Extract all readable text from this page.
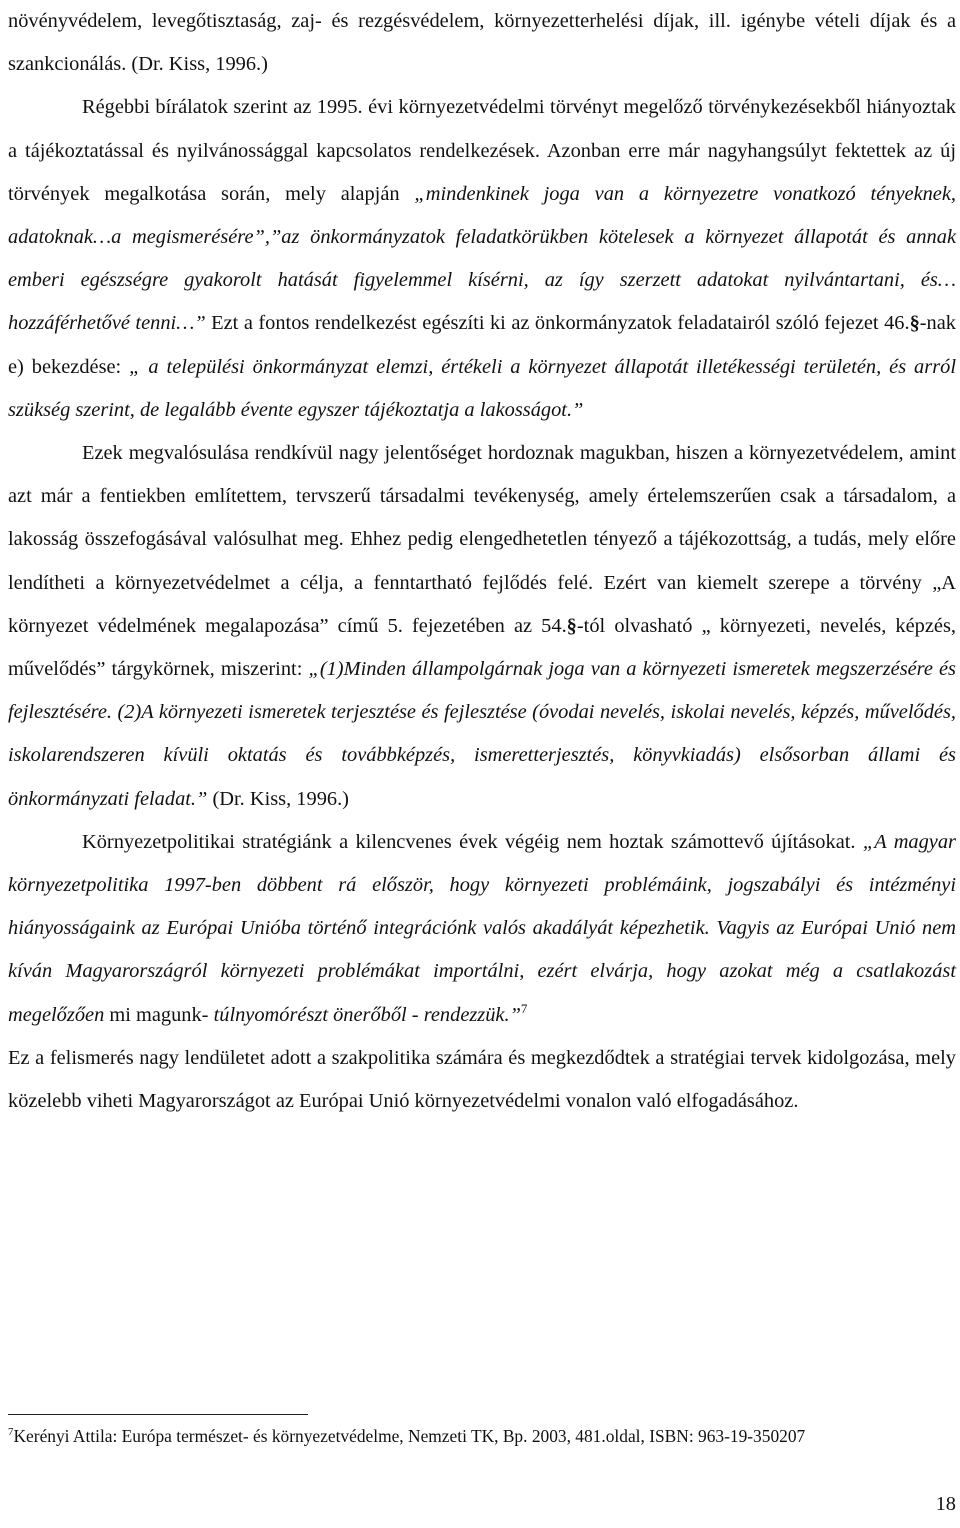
növényvédelem, levegőtisztaság, zaj- és rezgésvédelem, környezetterhelési díjak, ill. igénybe vételi díjak és a szankcionálás. (Dr. Kiss, 1996.)

Régebbi bírálatok szerint az 1995. évi környezetvédelmi törvényt megelőző törvénykezésekből hiányoztak a tájékoztatással és nyilvánossággal kapcsolatos rendelkezések. Azonban erre már nagyhangsúlyt fektettek az új törvények megalkotása során, mely alapján „mindenkinek joga van a környezetre vonatkozó tényeknek, adatoknak…a megismerésére”,”az önkormányzatok feladatkörükben kötelesek a környezet állapotát és annak emberi egészségre gyakorolt hatását figyelemmel kísérni, az így szerzett adatokat nyilvántartani, és…hozzáférhetővé tenni…” Ezt a fontos rendelkezést egészíti ki az önkormányzatok feladatairól szóló fejezet 46.§-nak e) bekezdése: „ a települési önkormányzat elemzi, értékeli a környezet állapotát illetékességi területén, és arról szükség szerint, de legalább évente egyszer tájékoztatja a lakosságot.”

Ezek megvalósulása rendkívül nagy jelentőséget hordoznak magukban, hiszen a környezetvédelem, amint azt már a fentiekben említettem, tervszerű társadalmi tevékenység, amely értelemszerűen csak a társadalom, a lakosság összefogásával valósulhat meg. Ehhez pedig elengedhetetlen tényező a tájékozottság, a tudás, mely előre lendítheti a környezetvédelmet a célja, a fenntartható fejlődés felé. Ezért van kiemelt szerepe a törvény „A környezet védelmének megalapozása” című 5. fejezetében az 54.§-tól olvasható „ környezeti, nevelés, képzés, művelődés” tárgykörnek, miszerint: „(1)Minden állampolgárnak joga van a környezeti ismeretek megszerzésére és fejlesztésére. (2)A környezeti ismeretek terjesztése és fejlesztése (óvodai nevelés, iskolai nevelés, képzés, művelődés, iskolarendszeren kívüli oktatás és továbbképzés, ismeretterjesztés, könyvkiadás) elsősorban állami és önkormányzati feladat.” (Dr. Kiss, 1996.)

Környezetpolitikai stratégiánk a kilencvenes évek végéig nem hoztak számottevő újításokat. „A magyar környezetpolitika 1997-ben döbbent rá először, hogy környezeti problémáink, jogszabályi és intézményi hiányosságaink az Európai Unióba történő integrációnk valós akadályát képezhetik. Vagyis az Európai Unió nem kíván Magyarországról környezeti problémákat importálni, ezért elvárja, hogy azokat még a csatlakozást megelőzően mi magunk- túlnyomórészt önerőből - rendezzük.”$^7$

Ez a felismerés nagy lendületet adott a szakpolitika számára és megkezdődtek a stratégiai tervek kidolgozása, mely közelebb viheti Magyarországot az Európai Unió környezetvédelmi vonalon való elfogadásához.

$^7$Kerényi Attila: Európa természet- és környezetvédelme, Nemzeti TK, Bp. 2003, 481.oldal, ISBN: 963-19-350207
18
